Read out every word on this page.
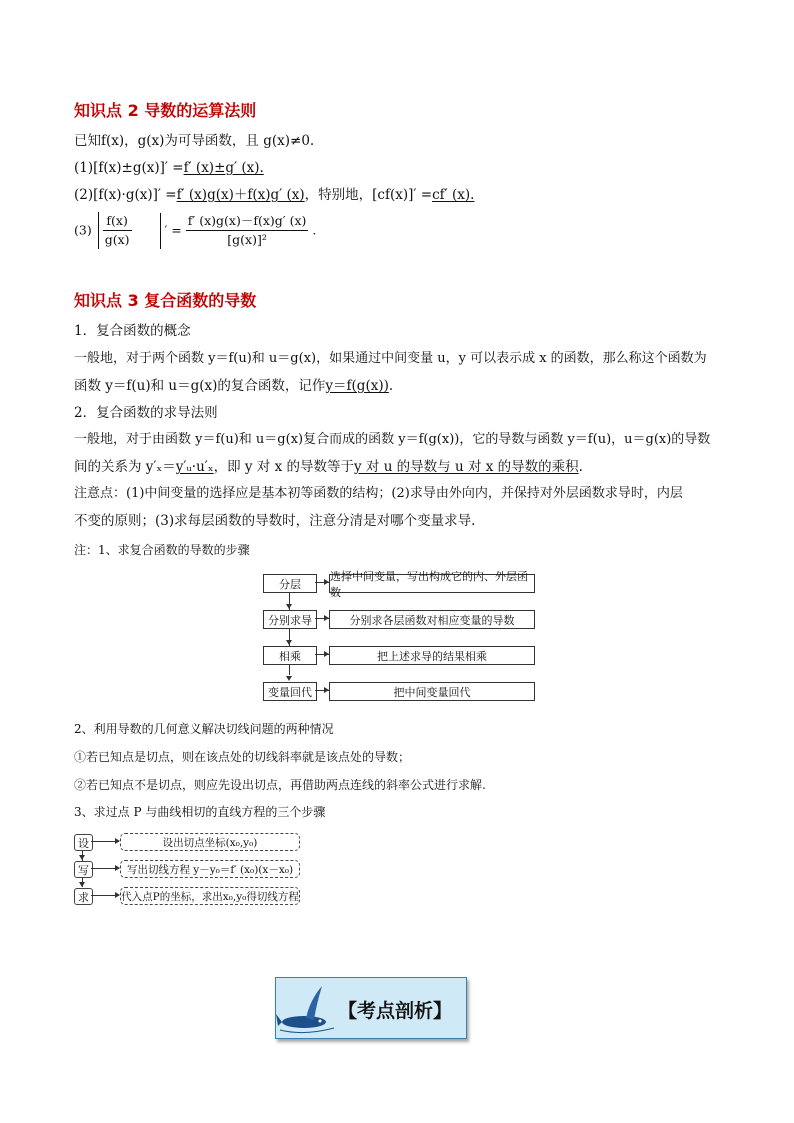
知识点 2 导数的运算法则
已知f(x)，g(x)为可导函数，且 g(x)≠0.
(1)[f(x)±g(x)]′ =f′ (x)±g′ (x).
(2)[f(x)·g(x)]′ =f′ (x)g(x)＋f(x)g′ (x)，特别地，[cf(x)]′ =cf′ (x).
$(3) \frac{f(x)}{g(x)}$	′ = $\frac{f' (x)g(x)-f(x)g' (x)}{\text{[g(x)]²}}$ .
知识点 3 复合函数的导数
1．复合函数的概念
一般地，对于两个函数 y＝f(u)和 u＝g(x)，如果通过中间变量 u，y 可以表示成 x 的函数，那么称这个函数为
函数 y＝f(u)和 u＝g(x)的复合函数，记作y＝f(g(x)).
2．复合函数的求导法则
一般地，对于由函数 y＝f(u)和 u＝g(x)复合而成的函数 y＝f(g(x))，它的导数与函数 y＝f(u)，u＝g(x)的导数
间的关系为 y′ₓ＝y′ᵤ·u′ₓ，即 y 对 x 的导数等于y 对 u 的导数与 u 对 x 的导数的乘积.
注意点：(1)中间变量的选择应是基本初等函数的结构；(2)求导由外向内，并保持对外层函数求导时，内层
不变的原则；(3)求每层函数的导数时，注意分清是对哪个变量求导.
注：1、求复合函数的导数的步骤
分层
选择中间变量，写出构成它的内、外层函数
分别求导	分别求各层函数对相应变量的导数
相乘	把上述求导的结果相乘
变量回代	把中间变量回代
2、利用导数的几何意义解决切线问题的两种情况
①若已知点是切点，则在该点处的切线斜率就是该点处的导数；
②若已知点不是切点，则应先设出切点，再借助两点连线的斜率公式进行求解.
3、求过点 P 与曲线相切的直线方程的三个步骤
设	设出切点坐标(x₀,y₀)
写	写出切线方程 y－y₀＝f′ (x₀)(x－x₀)
求	代入点P的坐标，求出x₀,y₀得切线方程
【考点剖析】
